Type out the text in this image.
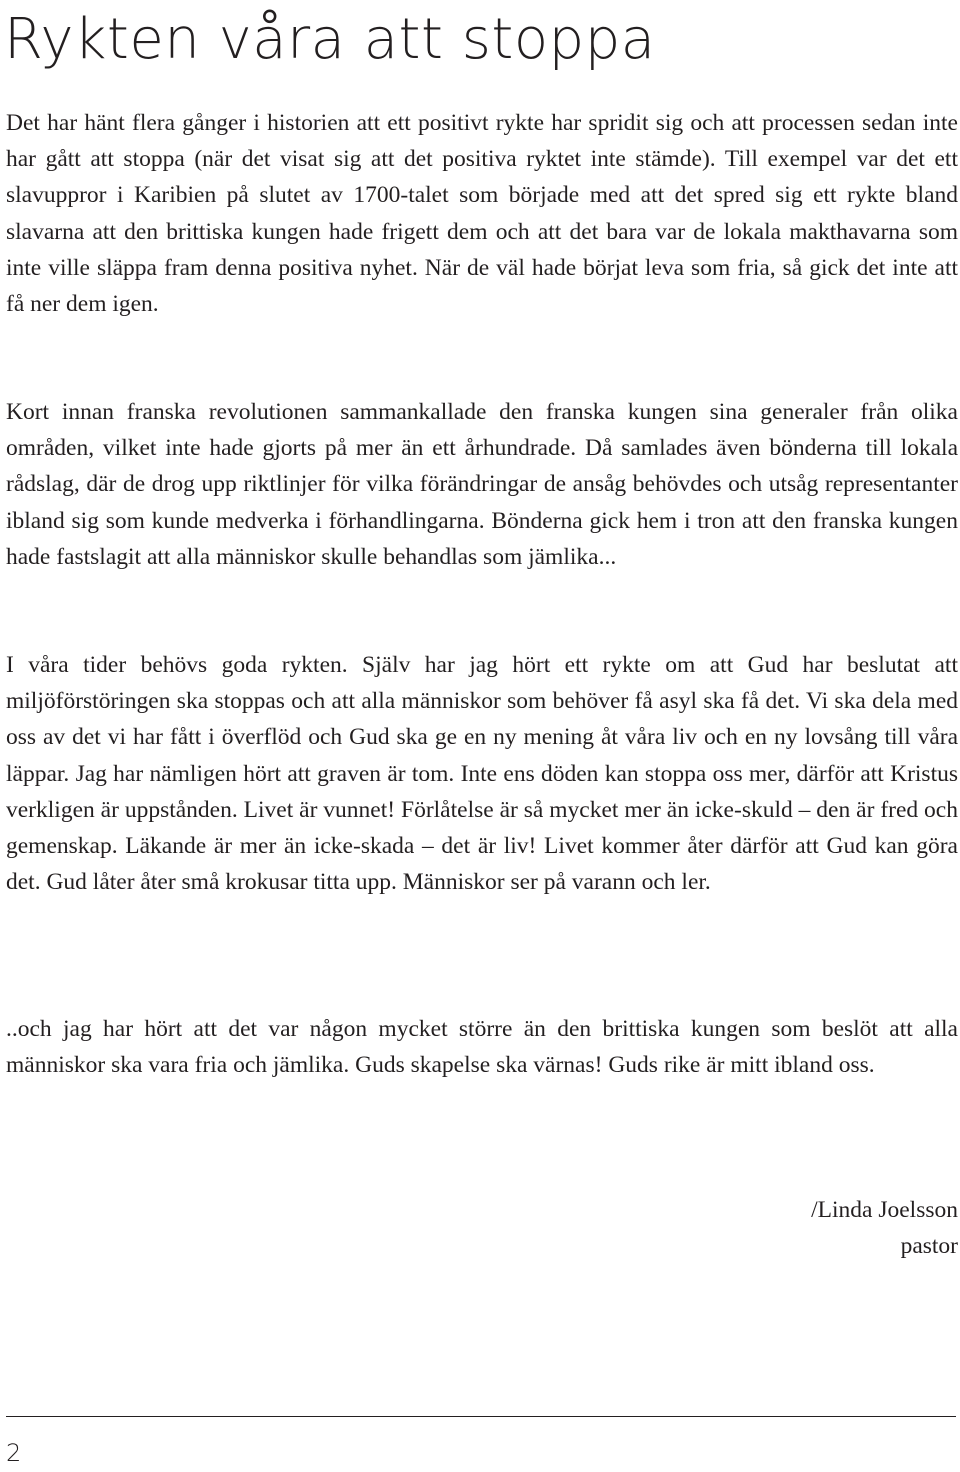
Rykten våra att stoppa

Det har hänt flera gånger i historien att ett positivt rykte har spridit sig och att processen sedan inte har gått att stoppa (när det visat sig att det positiva ryktet inte stämde). Till exempel var det ett slavuppror i Karibien på slutet av 1700-talet som började med att det spred sig ett rykte bland slavarna att den brittiska kungen hade frigett dem och att det bara var de lokala makthavarna som inte ville släppa fram denna positiva nyhet. När de väl hade börjat leva som fria, så gick det inte att få ner dem igen.

Kort innan franska revolutionen sammankallade den franska kungen sina generaler från olika områden, vilket inte hade gjorts på mer än ett århundrade. Då samlades även bönderna till lokala rådslag, där de drog upp riktlinjer för vilka förändringar de ansåg behövdes och utsåg representanter ibland sig som kunde medverka i förhandlingarna. Bönderna gick hem i tron att den franska kungen hade fastslagit att alla människor skulle behandlas som jämlika...

I våra tider behövs goda rykten. Själv har jag hört ett rykte om att Gud har beslutat att miljöförstöringen ska stoppas och att alla människor som behöver få asyl ska få det. Vi ska dela med oss av det vi har fått i överflöd och Gud ska ge en ny mening åt våra liv och en ny lovsång till våra läppar. Jag har nämligen hört att graven är tom. Inte ens döden kan stoppa oss mer, därför att Kristus verkligen är uppstånden. Livet är vunnet! Förlåtelse är så mycket mer än icke-skuld – den är fred och gemenskap. Läkande är mer än icke-skada – det är liv! Livet kommer åter därför att Gud kan göra det. Gud låter åter små krokusar titta upp. Människor ser på varann och ler.

..och jag har hört att det var någon mycket större än den brittiska kungen som beslöt att alla människor ska vara fria och jämlika. Guds skapelse ska värnas! Guds rike är mitt ibland oss.

/Linda Joelsson
pastor
2
